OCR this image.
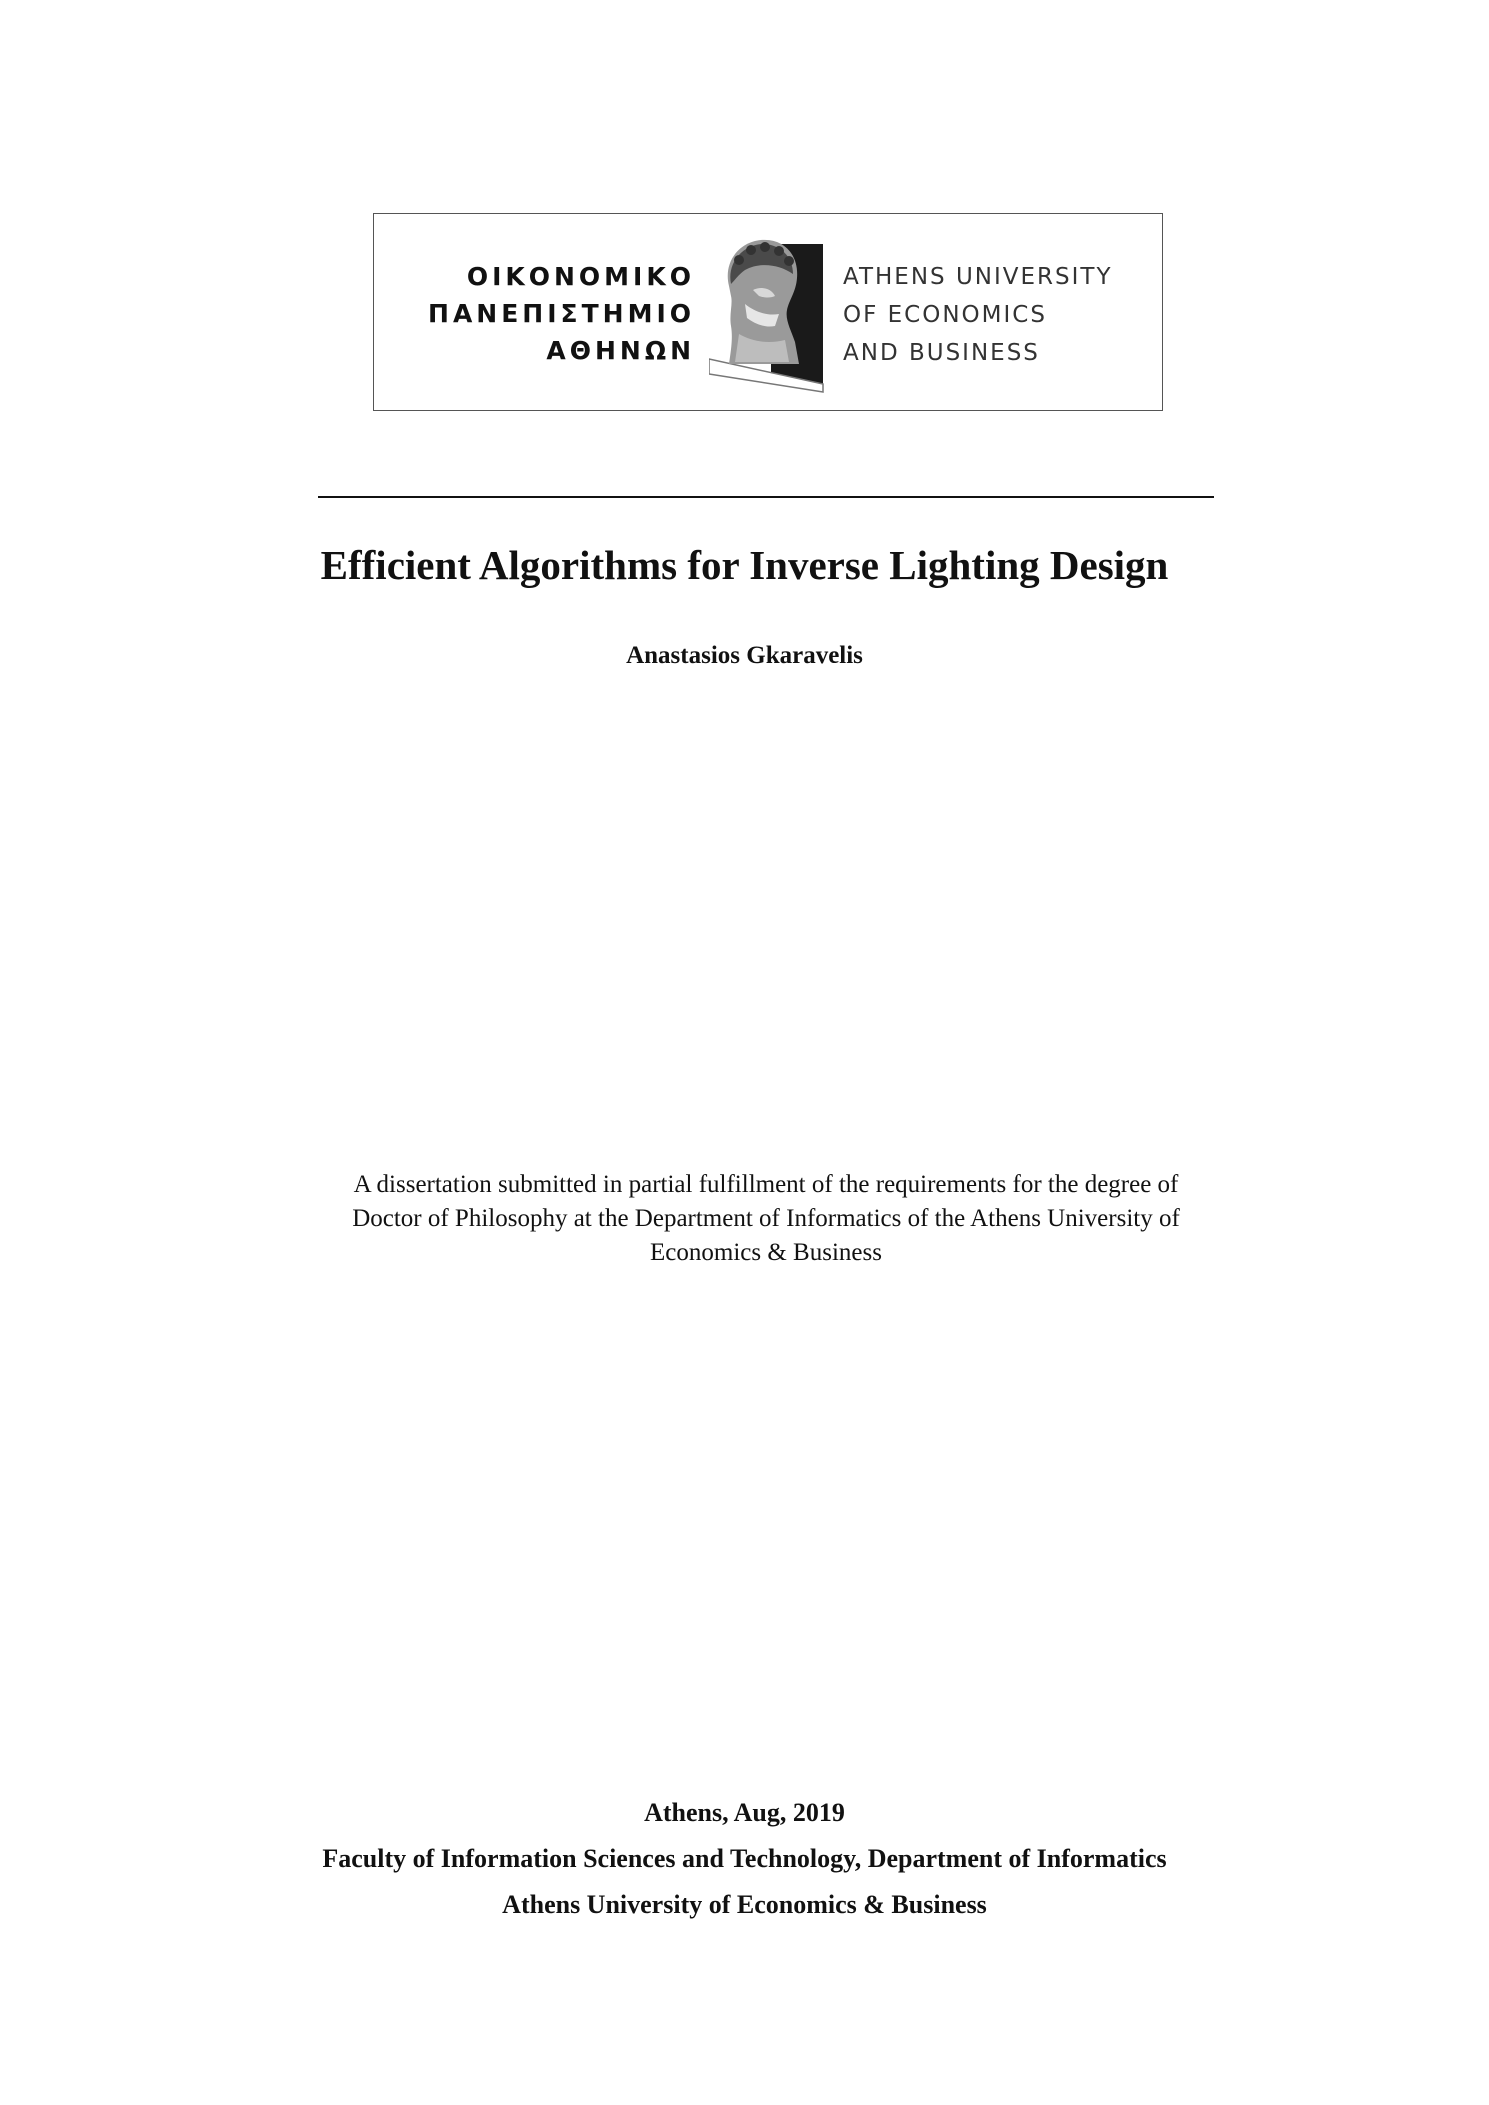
ΟΙΚΟΝΟΜΙΚΟ
ΠΑΝΕΠΙΣΤΗΜΙΟ
ΑΘΗΝΩΝ
ATHENS UNIVERSITY
OF ECONOMICS
AND BUSINESS
Efficient Algorithms for Inverse Lighting Design
Anastasios Gkaravelis
A dissertation submitted in partial fulfillment of the requirements for the degree of
Doctor of Philosophy at the Department of Informatics of the Athens University of
Economics & Business
Athens, Aug, 2019
Faculty of Information Sciences and Technology, Department of Informatics
Athens University of Economics & Business
